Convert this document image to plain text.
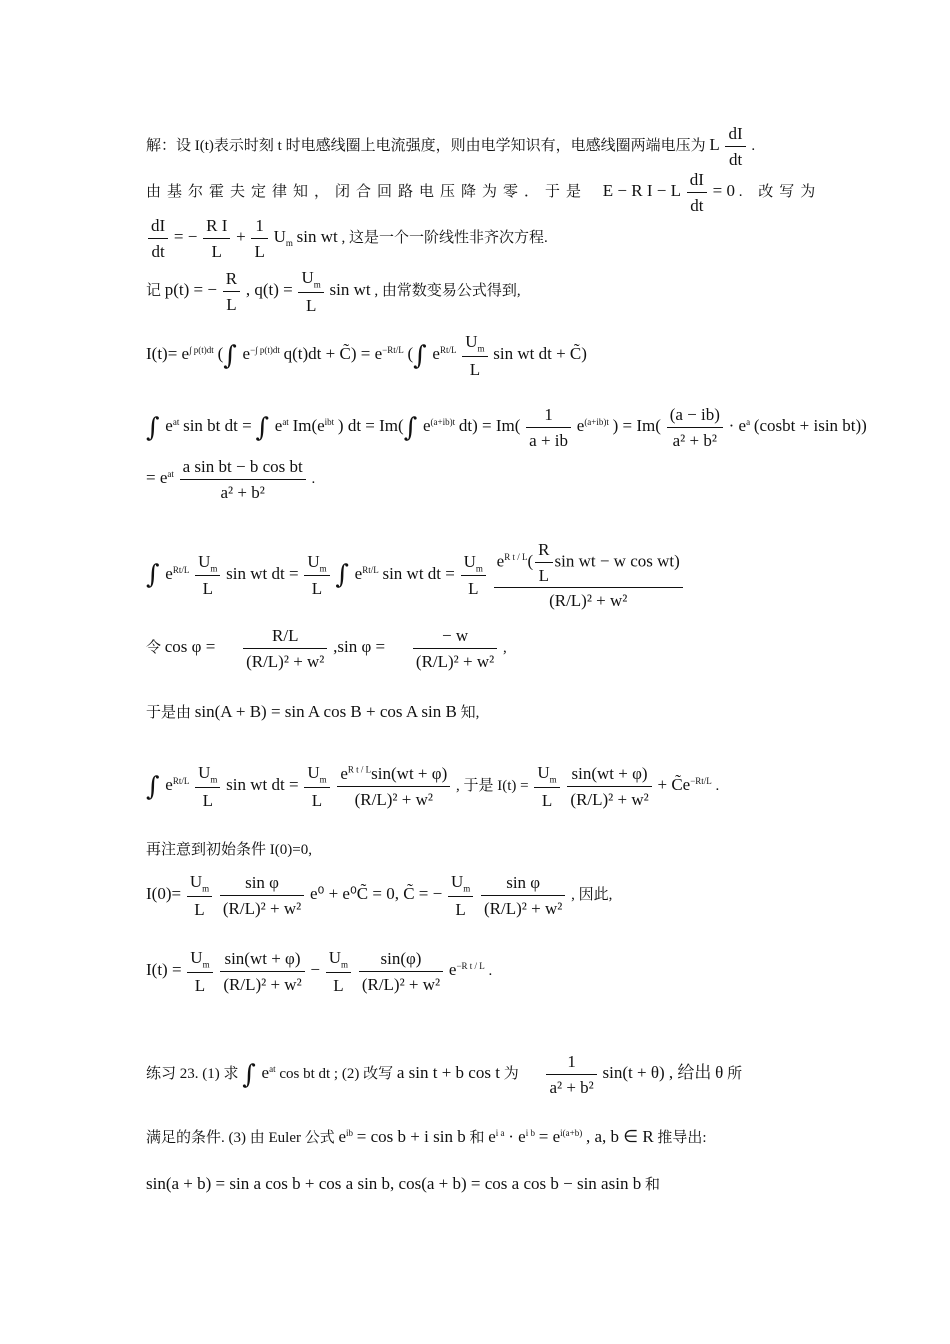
解：设 I(t)表示时刻 t 时电感线圈上电流强度，则由电学知识有，电感线圈两端电压为 L $\frac{dI}{dt}$ .
由基尔霍夫定律知，闭合回路电压降为零．于是 E − R I − L $\frac{dI}{dt} = 0$ . 改写为
$\frac{dI}{dt}$ = − $\frac{\text{R I}}{L} + \frac{1}{L} U_m$ sin wt , 这是一个一阶线性非齐次方程.
记 p(t) = − $\frac{R}{L}$ , $q(t) = \frac{U_m}{L}$ sin wt , 由常数变易公式得到,
$I(t)= e^{\int p(t)dt}$ (∫ $e^{-\int p(t)dt}$ q(t)dt + C̃) = $e^{-Rt/L}$ (∫ $e^{Rt/L} \frac{U_m}{L}$ sin wt dt + C̃)
∫ $e^{at}$ sin bt dt = ∫ $e^{at}$ $Im(e^{ibt}$ ) dt = Im(∫ $e^{(a+ib)t}$ $dt) = Im( \frac{1}{a + ib} e^{(a+ib)t}$ ) = $Im( \frac{(a - ib)}{\text{a² + b²}} \cdot e^a$ (cosbt + isin bt))
= $e^{at} \frac{\text{a sin bt − b cos bt}}{\text{a² + b²}}$ .
∫ $e^{Rt/L} \frac{U_m}{L}$ sin wt dt = $\frac{U_m}{L}$ ∫ $e^{Rt/L}$ sin wt dt = $\frac{U_m}{L}$
$\frac{e^{R t / L}( \frac{R}{L} \sin wt - w \cos wt)}{\text{(R/L)² + w²}}$
令 $\cos \varphi = \frac{R/L}{\text{(R/L)² + w²}} ,\sin$ $\varphi = \frac{- w}{\text{(R/L)² + w²}}$ ,
于是由 sin(A + B) = sin A cos B + cos A sin B 知,
∫ $e^{Rt/L} \frac{U_m}{L}$ sin wt dt = $\frac{U_m}{L}$
$\frac{e^{R t / L}\sin(wt + \varphi)}{\text{(R/L)² + w²}}$ , 于是 $I(t) = \frac{U_m}{L}$
$\frac{\sin(wt + \varphi)}{\text{(R/L)² + w²}}$ + $C̃e^{-Rt/L}$ .
再注意到初始条件 I(0)=0,
$I(0)= \frac{U_m}{L}$
$\frac{\text{sin φ}}{\text{(R/L)² + w²}} e^0$ + e⁰C̃ = 0, C̃ = − $\frac{U_m}{L}$
$\frac{\text{sin φ}}{\text{(R/L)² + w²}}$ , 因此,
$I(t) = \frac{U_m}{L}$
$\frac{\sin(wt + \varphi)}{\text{(R/L)² + w²}} - \frac{U_m}{L}$
$\frac{\sin(\varphi)}{\text{(R/L)² + w²}} e^{-R t / L}$ .
练习 23. (1) 求 ∫ $e^{at}$ cos bt dt ; (2) 改写 a sin t + b cos t 为 $\frac{1}{\text{a² + b²}} \sin(t + \theta)$ , 给出 θ 所
满足的条件. (3) 由 Euler 公式 $e^{ib} = \cos b + i$ sin b 和 $e^{i a} \cdot e^{i b} = e^{i(a+b)}$ , a, b ∈ R 推导出:
sin(a + b) = sin a cos b + cos a sin b, cos(a + b) = cos a cos b − sin asin b 和
